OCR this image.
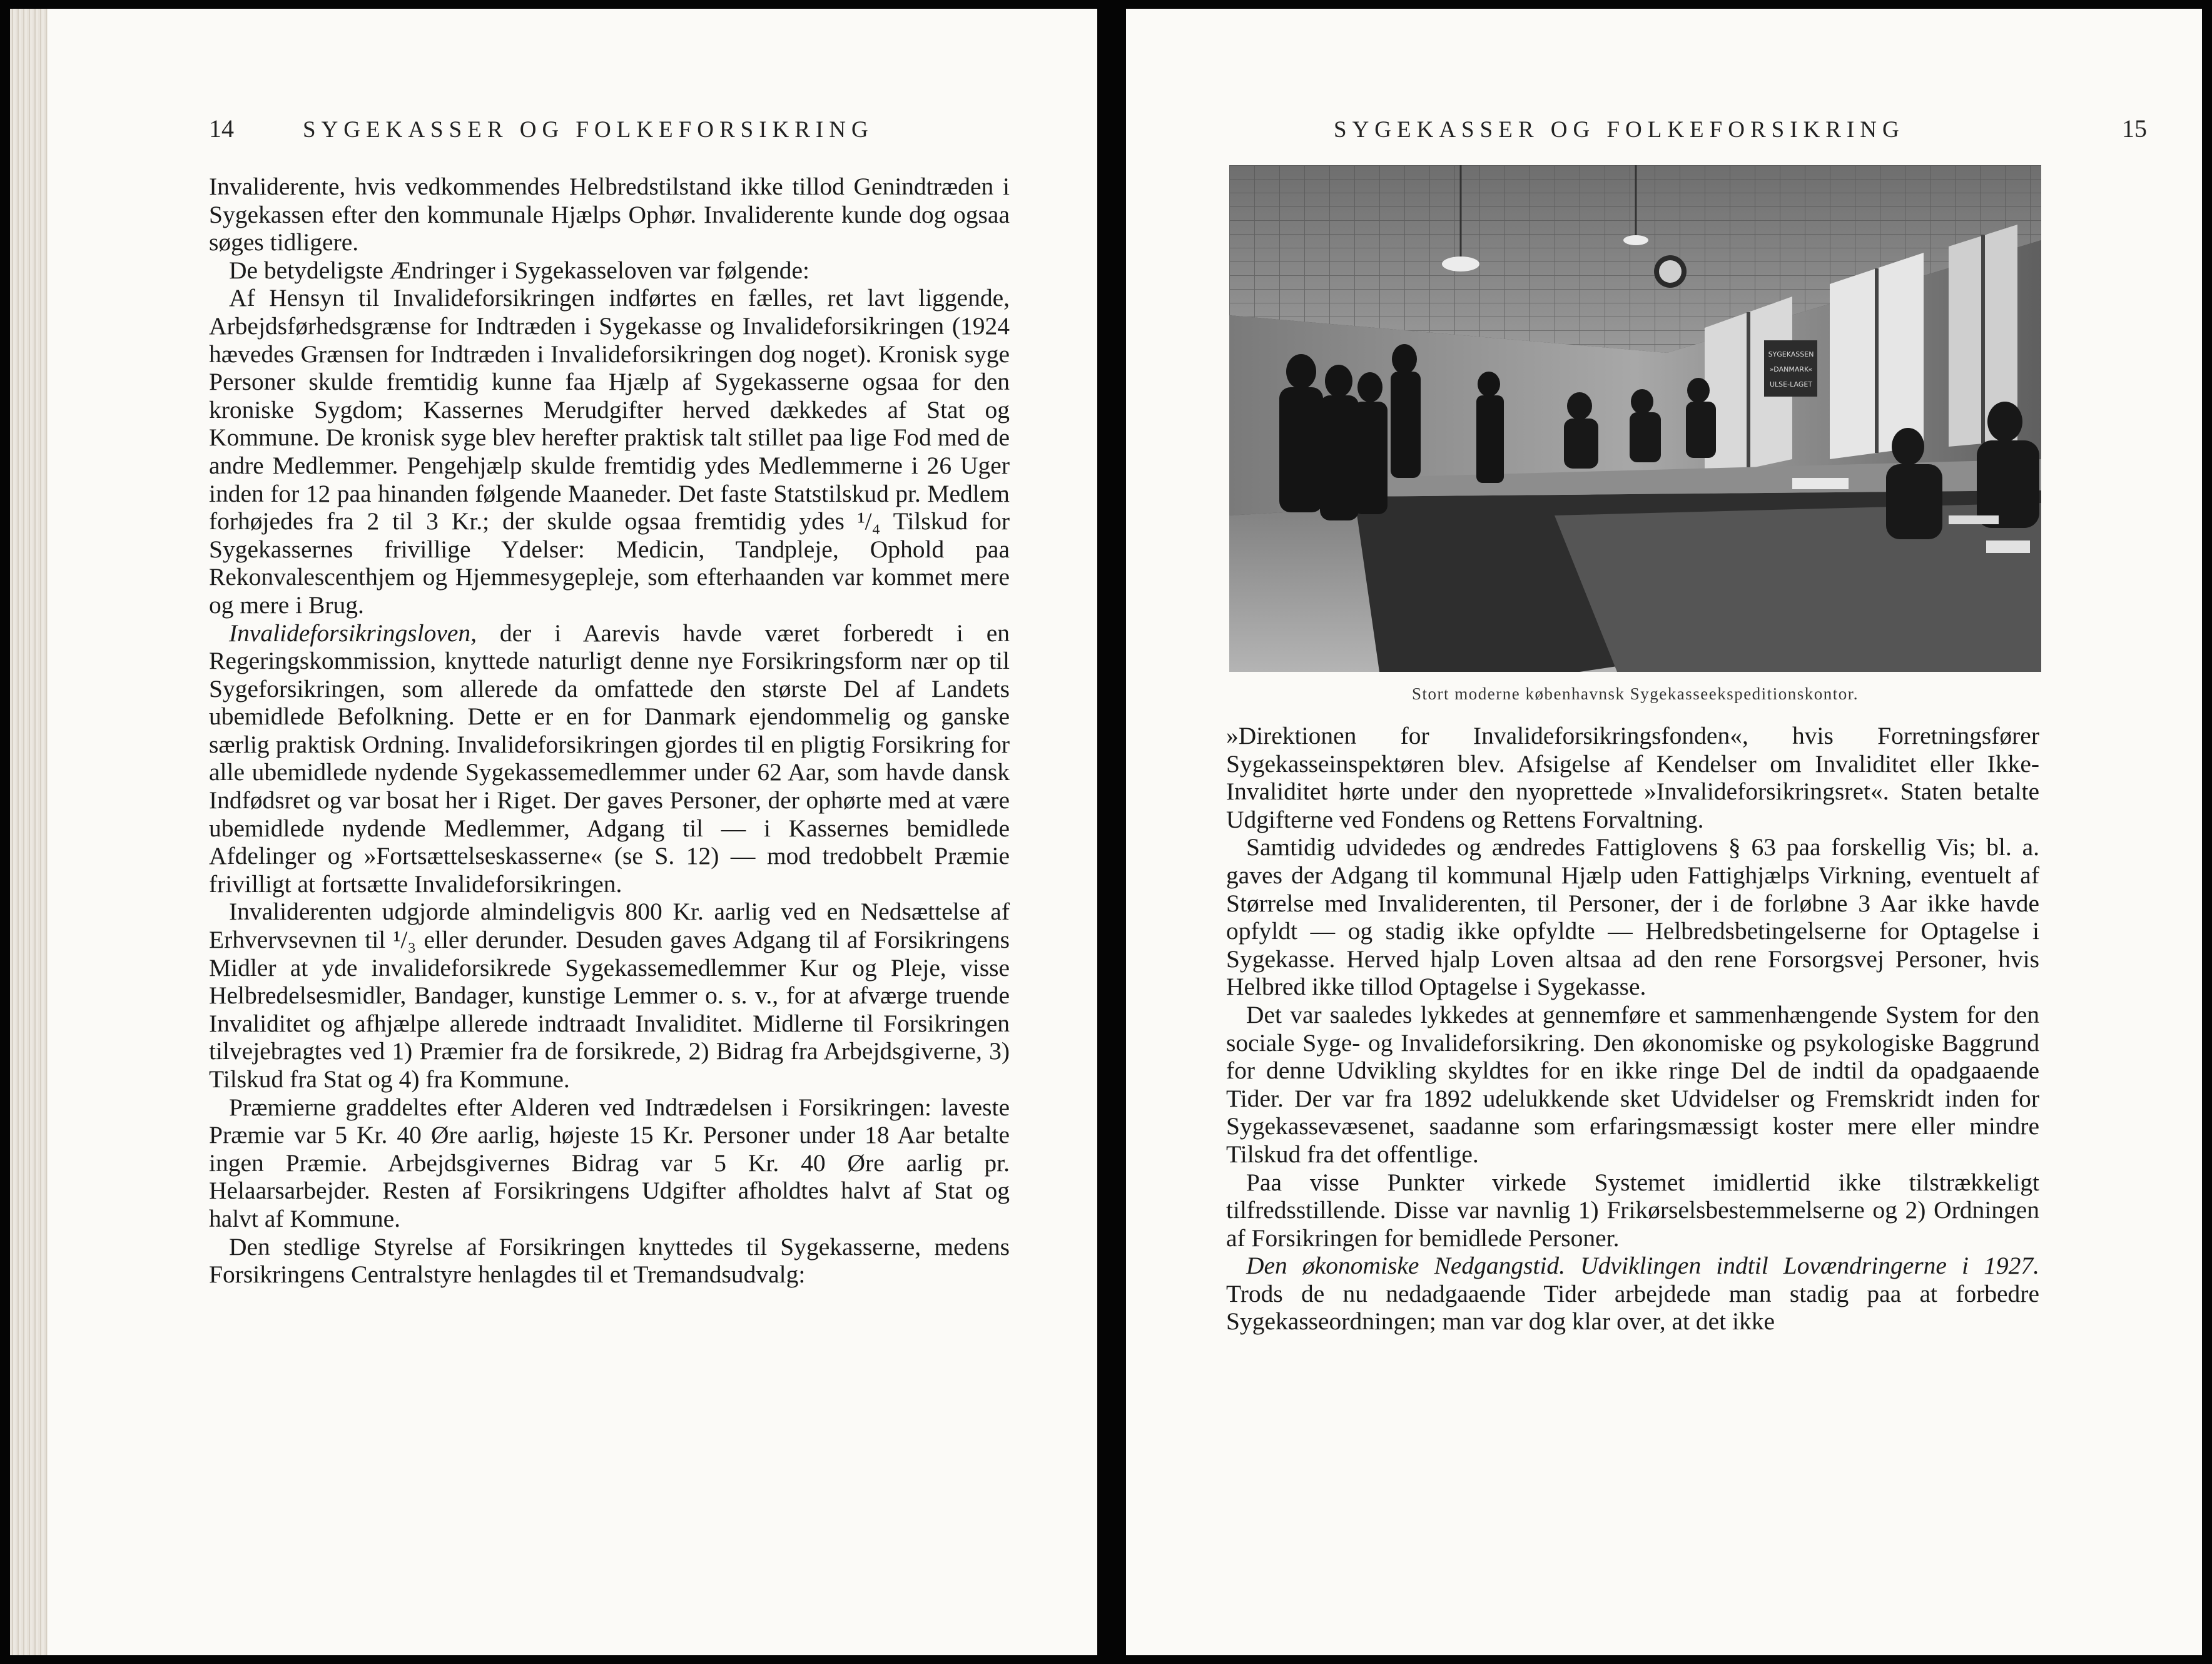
14	SYGEKASSER OG FOLKEFORSIKRING

Invaliderente, hvis vedkommendes Helbredstilstand ikke tillod Genindtræden i Sygekassen efter den kommunale Hjælps Ophør. Invaliderente kunde dog ogsaa søges tidligere.

De betydeligste Ændringer i Sygekasseloven var følgende:

Af Hensyn til Invalideforsikringen indførtes en fælles, ret lavt liggende, Arbejdsførhedsgrænse for Indtræden i Sygekasse og Invalideforsikringen (1924 hævedes Grænsen for Indtræden i Invalideforsikringen dog noget). Kronisk syge Personer skulde fremtidig kunne faa Hjælp af Sygekasserne ogsaa for den kroniske Sygdom; Kassernes Merudgifter herved dækkedes af Stat og Kommune. De kronisk syge blev herefter praktisk talt stillet paa lige Fod med de andre Medlemmer. Pengehjælp skulde fremtidig ydes Medlemmerne i 26 Uger inden for 12 paa hinanden følgende Maaneder. Det faste Statstilskud pr. Medlem forhøjedes fra 2 til 3 Kr.; der skulde ogsaa fremtidig ydes ¹/₄ Tilskud for Sygekassernes frivillige Ydelser: Medicin, Tandpleje, Ophold paa Rekonvalescenthjem og Hjemmesygepleje, som efterhaanden var kommet mere og mere i Brug.

Invalideforsikringsloven, der i Aarevis havde været forberedt i en Regeringskommission, knyttede naturligt denne nye Forsikringsform nær op til Sygeforsikringen, som allerede da omfattede den største Del af Landets ubemidlede Befolkning. Dette er en for Danmark ejendommelig og ganske særlig praktisk Ordning. Invalideforsikringen gjordes til en pligtig Forsikring for alle ubemidlede nydende Sygekassemedlemmer under 62 Aar, som havde dansk Indfødsret og var bosat her i Riget. Der gaves Personer, der ophørte med at være ubemidlede nydende Medlemmer, Adgang til — i Kassernes bemidlede Afdelinger og »Fortsættelseskasserne« (se S. 12) — mod tredobbelt Præmie frivilligt at fortsætte Invalideforsikringen.

Invaliderenten udgjorde almindeligvis 800 Kr. aarlig ved en Nedsættelse af Erhvervsevnen til ¹/₃ eller derunder. Desuden gaves Adgang til af Forsikringens Midler at yde invalideforsikrede Sygekassemedlemmer Kur og Pleje, visse Helbredelsesmidler, Bandager, kunstige Lemmer o. s. v., for at afværge truende Invaliditet og afhjælpe allerede indtraadt Invaliditet. Midlerne til Forsikringen tilvejebragtes ved 1) Præmier fra de forsikrede, 2) Bidrag fra Arbejdsgiverne, 3) Tilskud fra Stat og 4) fra Kommune.

Præmierne graddeltes efter Alderen ved Indtrædelsen i Forsikringen: laveste Præmie var 5 Kr. 40 Øre aarlig, højeste 15 Kr. Personer under 18 Aar betalte ingen Præmie. Arbejdsgivernes Bidrag var 5 Kr. 40 Øre aarlig pr. Helaarsarbejder. Resten af Forsikringens Udgifter afholdtes halvt af Stat og halvt af Kommune.

Den stedlige Styrelse af Forsikringen knyttedes til Sygekasserne, medens Forsikringens Centralstyre henlagdes til et Tremandsudvalg:

SYGEKASSER OG FOLKEFORSIKRING	15
SYGEKASSEN
»DANMARK«
ULSE-LAGET
Stort moderne københavnsk Sygekasseekspeditionskontor.

»Direktionen for Invalideforsikringsfonden«, hvis Forretningsfører Sygekasseinspektøren blev. Afsigelse af Kendelser om Invaliditet eller Ikke-Invaliditet hørte under den nyoprettede »Invalideforsikringsret«. Staten betalte Udgifterne ved Fondens og Rettens Forvaltning.

Samtidig udvidedes og ændredes Fattiglovens § 63 paa forskellig Vis; bl. a. gaves der Adgang til kommunal Hjælp uden Fattighjælps Virkning, eventuelt af Størrelse med Invaliderenten, til Personer, der i de forløbne 3 Aar ikke havde opfyldt — og stadig ikke opfyldte — Helbredsbetingelserne for Optagelse i Sygekasse. Herved hjalp Loven altsaa ad den rene Forsorgsvej Personer, hvis Helbred ikke tillod Optagelse i Sygekasse.

Det var saaledes lykkedes at gennemføre et sammenhængende System for den sociale Syge- og Invalideforsikring. Den økonomiske og psykologiske Baggrund for denne Udvikling skyldtes for en ikke ringe Del de indtil da opadgaaende Tider. Der var fra 1892 udelukkende sket Udvidelser og Fremskridt inden for Sygekassevæsenet, saadanne som erfaringsmæssigt koster mere eller mindre Tilskud fra det offentlige.

Paa visse Punkter virkede Systemet imidlertid ikke tilstrækkeligt tilfredsstillende. Disse var navnlig 1) Frikørselsbestemmelserne og 2) Ordningen af Forsikringen for bemidlede Personer.

Den økonomiske Nedgangstid. Udviklingen indtil Lovændringerne i 1927. Trods de nu nedadgaaende Tider arbejdede man stadig paa at forbedre Sygekasseordningen; man var dog klar over, at det ikke
